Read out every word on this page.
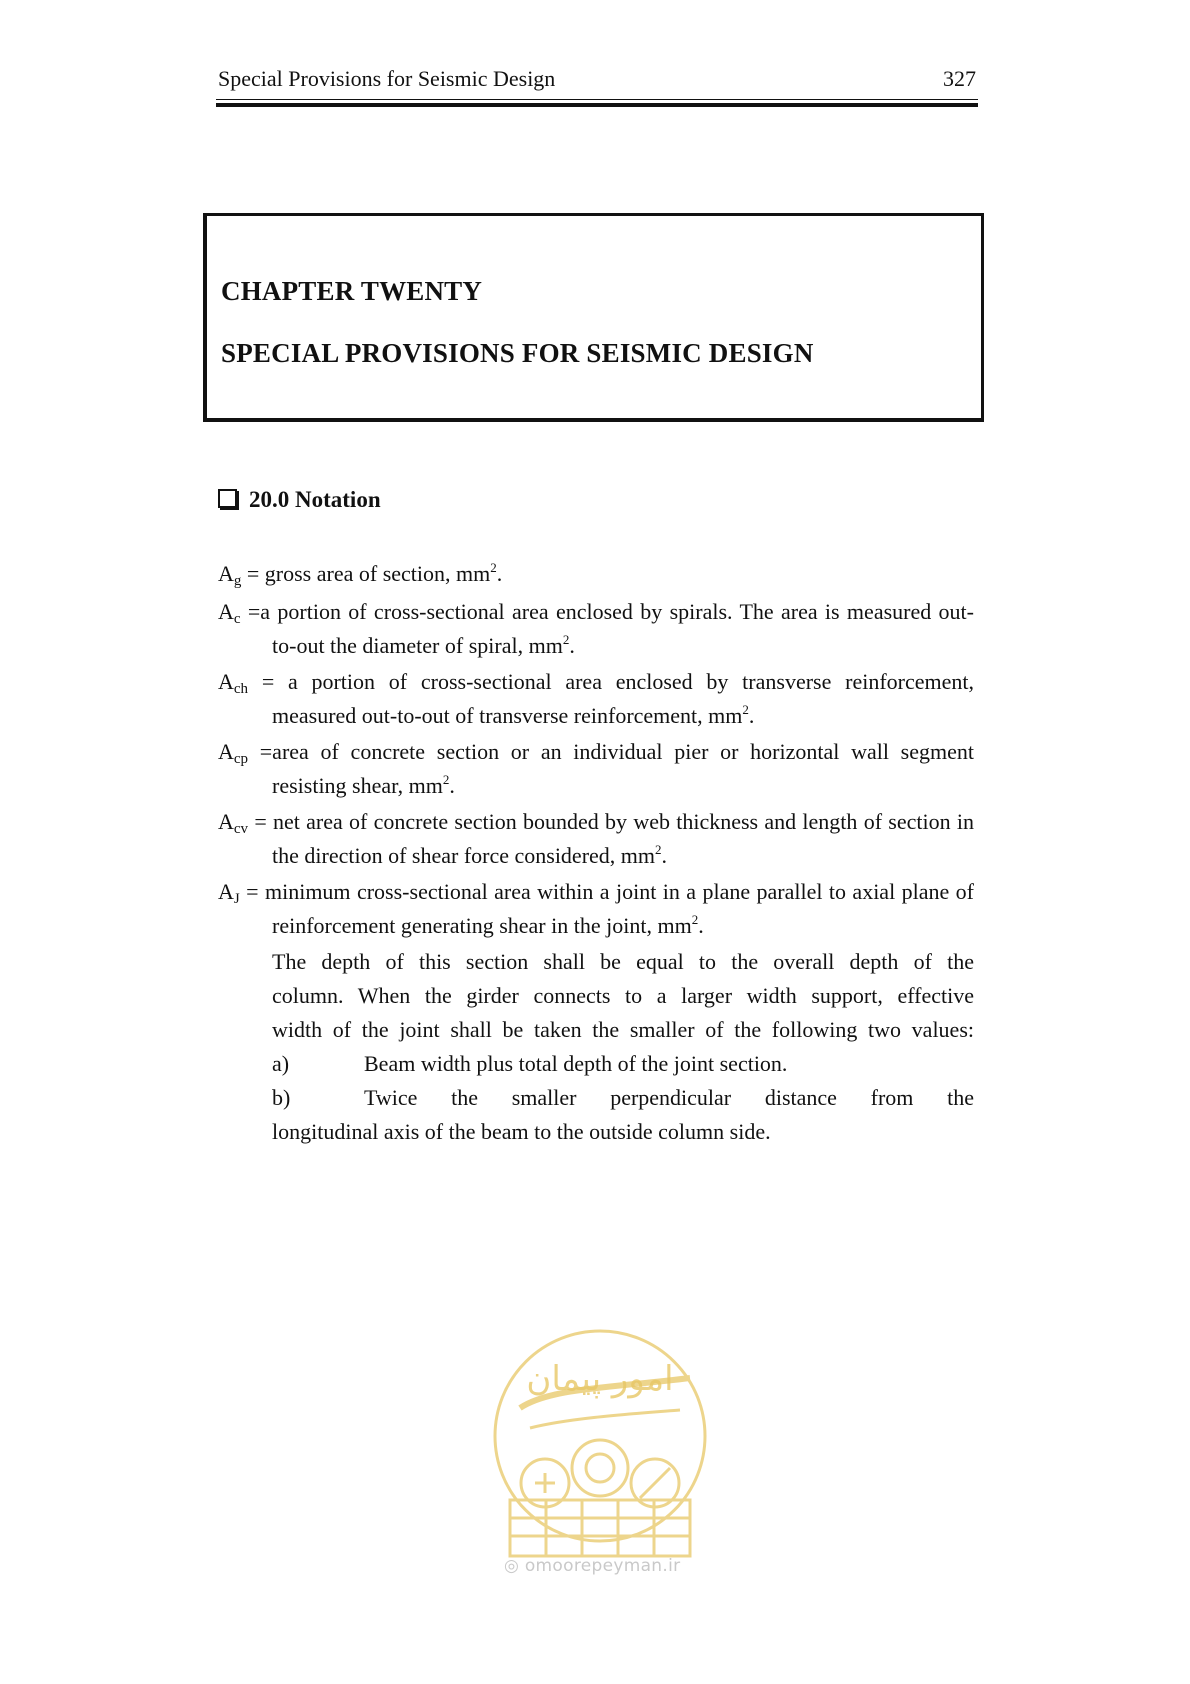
Special Provisions for Seismic Design	327
CHAPTER TWENTY
SPECIAL PROVISIONS FOR SEISMIC DESIGN
20.0 Notation

$A_g$ = gross area of section, $mm^2$.

$A_c =a$ portion of cross-sectional area enclosed by spirals. The area is measured out-to-out the diameter of spiral, $mm^2$.

$A_{ch} = a$ portion of cross-sectional area enclosed by transverse reinforcement, measured out-to-out of transverse reinforcement, $mm^2$.

$A_{cp}$ =area of concrete section or an individual pier or horizontal wall segment resisting shear, $mm^2$.

$A_{cv}$ = net area of concrete section bounded by web thickness and length of section in the direction of shear force considered, $mm^2$.

$A_J$ = minimum cross-sectional area within a joint in a plane parallel to axial plane of reinforcement generating shear in the joint, $mm^2$.

The depth of this section shall be equal to the overall depth of the

column. When the girder connects to a larger width support, effective

width of the joint shall be taken the smaller of the following two values:

a)	Beam width plus total depth of the joint section.
b)	Twice the smaller perpendicular distance from the

longitudinal axis of the beam to the outside column side.

امور پیمان
◎ omoorepeyman.ir
